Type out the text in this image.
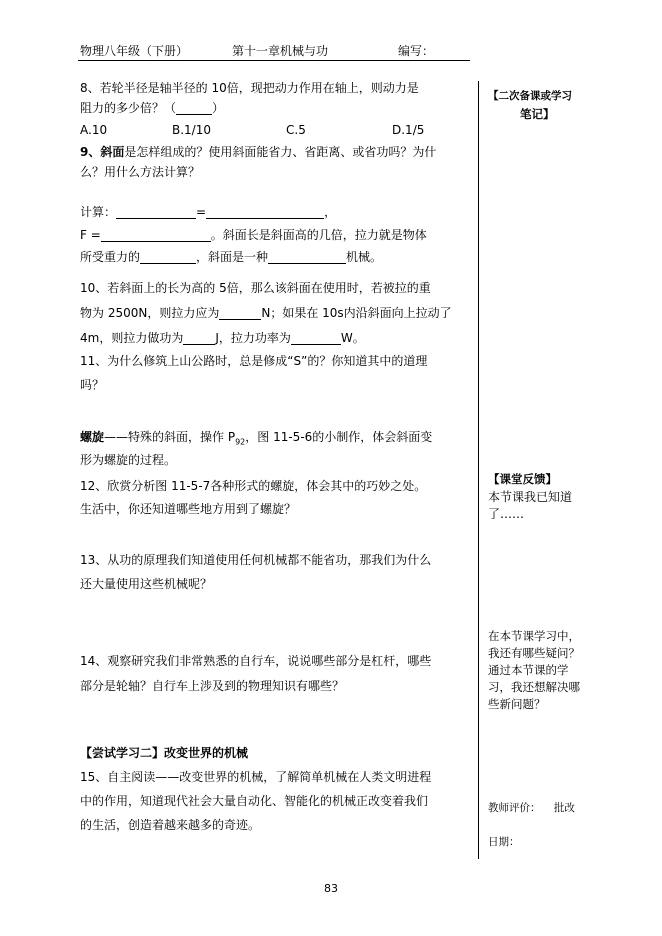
物理八年级（下册）	第十一章机械与功	编写：
【二次备课或学习
笔记】
【课堂反馈】
本节课我已知道
了……
在本节课学习中，
我还有哪些疑问？
通过本节课的学
习，我还想解决哪
些新问题？
教师评价：    批改
日期：
8、若轮半径是轴半径的 10倍，现把动力作用在轴上，则动力是
阻力的多少倍？（	）
A.10	B.1/10	C.5	D.1/5
9、斜面是怎样组成的？使用斜面能省力、省距离、或省功吗？为什
么？用什么方法计算？
计算：	=	，
F =	。斜面长是斜面高的几倍，拉力就是物体
所受重力的	，斜面是一种	机械。
10、若斜面上的长为高的 5倍，那么该斜面在使用时，若被拉的重
物为 2500N，则拉力应为	N；如果在 10s内沿斜面向上拉动了
4m，则拉力做功为	J，拉力功率为	W。
11、为什么修筑上山公路时，总是修成“S”的？你知道其中的道理
吗？
螺旋——特殊的斜面，操作 $P_{92}$，图 11-5-6的小制作，体会斜面变
形为螺旋的过程。
12、欣赏分析图 11-5-7各种形式的螺旋，体会其中的巧妙之处。
生活中，你还知道哪些地方用到了螺旋？
13、从功的原理我们知道使用任何机械都不能省功，那我们为什么
还大量使用这些机械呢？
14、观察研究我们非常熟悉的自行车，说说哪些部分是杠杆，哪些
部分是轮轴？自行车上涉及到的物理知识有哪些？
【尝试学习二】改变世界的机械
15、自主阅读——改变世界的机械，了解简单机械在人类文明进程
中的作用，知道现代社会大量自动化、智能化的机械正改变着我们
的生活，创造着越来越多的奇迹。
83
